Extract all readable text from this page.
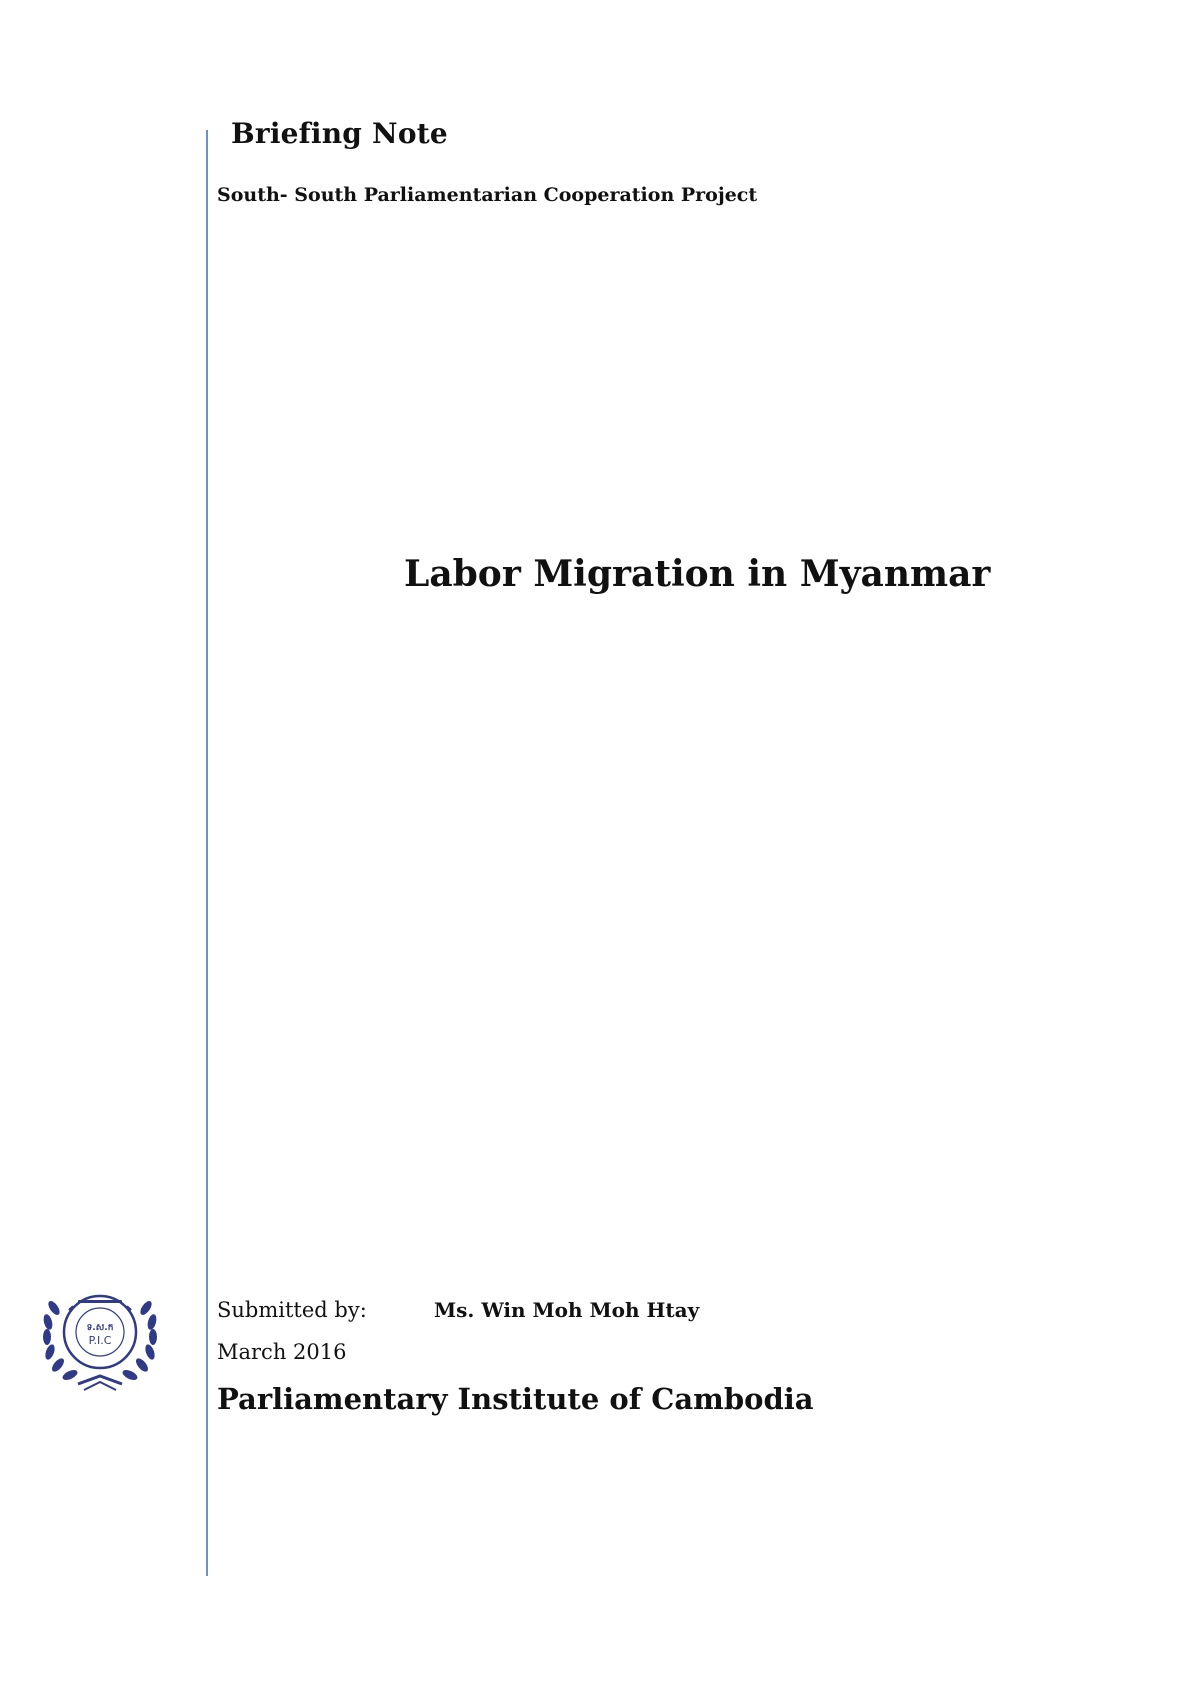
Briefing Note
South- South Parliamentarian Cooperation Project
Labor Migration in Myanmar
ទ.ស.ក
P.I.C
Submitted by:	Ms. Win Moh Moh Htay
March 2016
Parliamentary Institute of Cambodia
